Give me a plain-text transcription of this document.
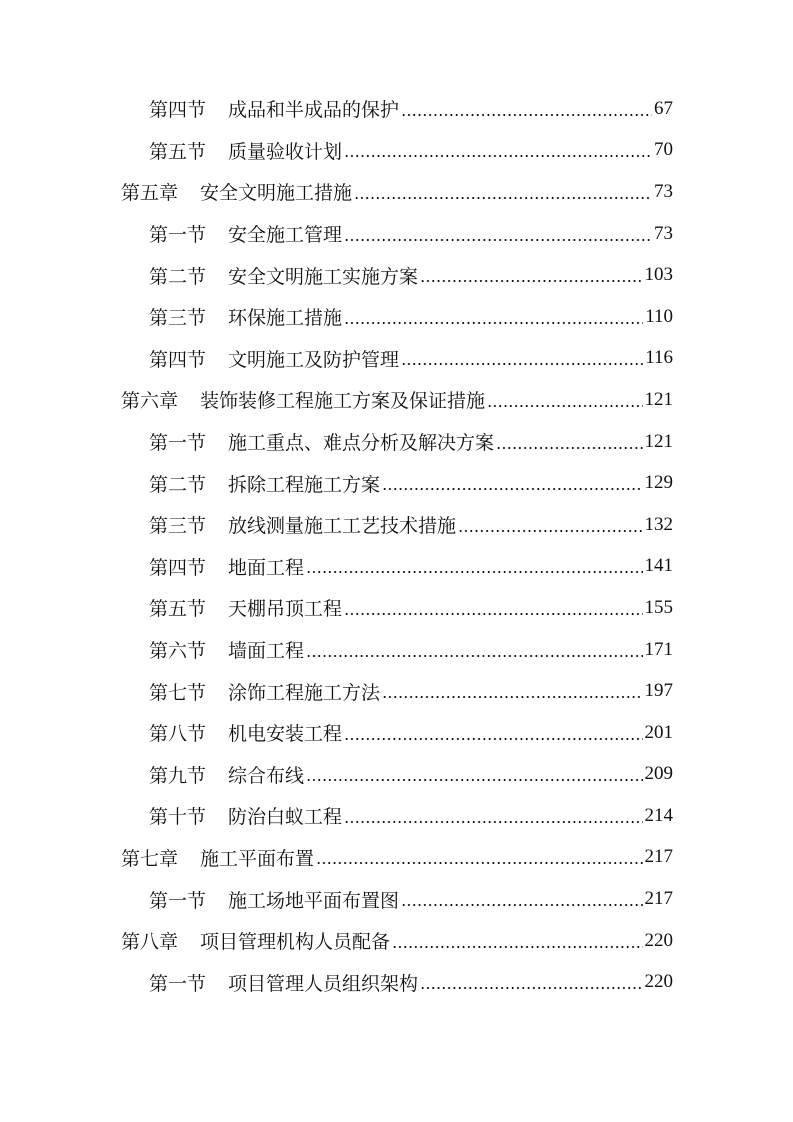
第四节 成品和半成品的保护	67
第五节 质量验收计划	70
第五章 安全文明施工措施	73
第一节 安全施工管理	73
第二节 安全文明施工实施方案	103
第三节 环保施工措施	110
第四节 文明施工及防护管理	116
第六章 装饰装修工程施工方案及保证措施	121
第一节 施工重点、难点分析及解决方案	121
第二节 拆除工程施工方案	129
第三节 放线测量施工工艺技术措施	132
第四节 地面工程	141
第五节 天棚吊顶工程	155
第六节 墙面工程	171
第七节 涂饰工程施工方法	197
第八节 机电安装工程	201
第九节 综合布线	209
第十节 防治白蚁工程	214
第七章 施工平面布置	217
第一节 施工场地平面布置图	217
第八章 项目管理机构人员配备	220
第一节 项目管理人员组织架构	220
